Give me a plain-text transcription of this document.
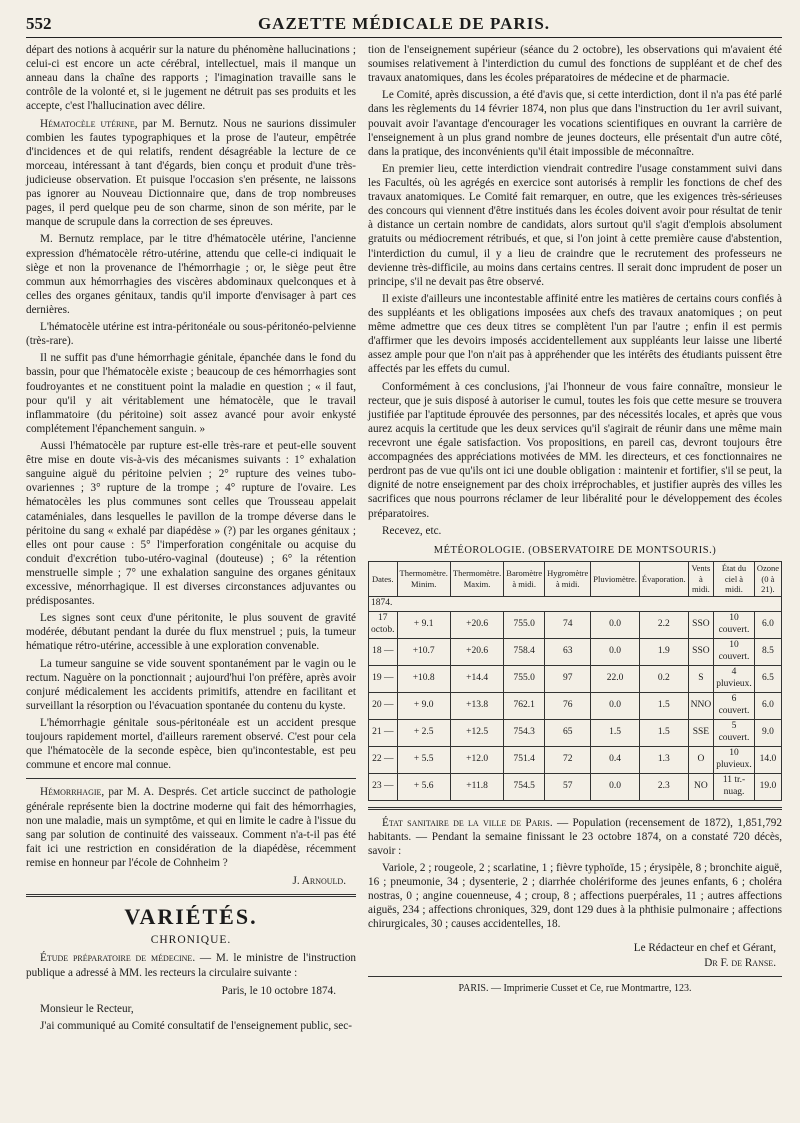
552	GAZETTE MÉDICALE DE PARIS.

départ des notions à acquérir sur la nature du phénomène hallucinations ; celui-ci est encore un acte cérébral, intellectuel, mais il manque un anneau dans la chaîne des rapports ; l'imagination travaille sans le contrôle de la volonté et, si le jugement ne détruit pas ses produits et les accepte, c'est l'hallucination avec délire.

Hématocèle utérine, par M. Bernutz. Nous ne saurions dissimuler combien les fautes typographiques et la prose de l'auteur, empêtrée d'incidences et de qui relatifs, rendent désagréable la lecture de ce morceau, intéressant à tant d'égards, bien conçu et produit d'une très-judicieuse observation. Et puisque l'occasion s'en présente, ne laissons pas ignorer au Nouveau Dictionnaire que, dans de trop nombreuses pages, il perd quelque peu de son charme, sinon de son mérite, par le manque de scrupule dans la correction de ses épreuves.

M. Bernutz remplace, par le titre d'hématocèle utérine, l'ancienne expression d'hématocèle rétro-utérine, attendu que celle-ci indiquait le siège et non la provenance de l'hémorrhagie ; or, le siège peut être commun aux hémorrhagies des viscères abdominaux quelconques et à celles des organes génitaux, tandis qu'il importe d'envisager à part ces dernières.

L'hématocèle utérine est intra-péritonéale ou sous-péritonéo-pelvienne (très-rare).

Il ne suffit pas d'une hémorrhagie génitale, épanchée dans le fond du bassin, pour que l'hématocèle existe ; beaucoup de ces hémorrhagies sont foudroyantes et ne constituent point la maladie en question ; « il faut, pour qu'il y ait véritablement une hématocèle, que le travail inflammatoire (du péritoine) soit assez avancé pour avoir enkysté complétement l'épanchement sanguin. »

Aussi l'hématocèle par rupture est-elle très-rare et peut-elle souvent être mise en doute vis-à-vis des mécanismes suivants : 1° exhalation sanguine aiguë du péritoine pelvien ; 2° rupture des veines tubo-ovariennes ; 3° rupture de la trompe ; 4° rupture de l'ovaire. Les hématocèles les plus communes sont celles que Trousseau appelait cataméniales, dans lesquelles le pavillon de la trompe déverse dans le péritoine du sang « exhalé par diapédèse » (?) par les organes génitaux ; elles ont pour cause : 5° l'imperforation congénitale ou acquise du conduit d'excrétion tubo-utéro-vaginal (douteuse) ; 6° la rétention menstruelle simple ; 7° une exhalation sanguine des organes génitaux excessive, ménorrhagique. Il est diverses circonstances adjuvantes ou prédisposantes.

Les signes sont ceux d'une péritonite, le plus souvent de gravité modérée, débutant pendant la durée du flux menstruel ; puis, la tumeur hématique rétro-utérine, accessible à une exploration convenable.

La tumeur sanguine se vide souvent spontanément par le vagin ou le rectum. Naguère on la ponctionnait ; aujourd'hui l'on préfère, après avoir conjuré médicalement les accidents primitifs, attendre en facilitant et surveillant la résorption ou l'évacuation spontanée du contenu du kyste.

L'hémorrhagie génitale sous-péritonéale est un accident presque toujours rapidement mortel, d'ailleurs rarement observé. C'est pour cela que l'hématocèle de la seconde espèce, bien qu'incontestable, est peu commune et encore mal connue.

Hémorrhagie, par M. A. Després. Cet article succinct de pathologie générale représente bien la doctrine moderne qui fait des hémorrhagies, non une maladie, mais un symptôme, et qui en limite le cadre à l'issue du sang par solution de continuité des vaisseaux. Comment n'a-t-il pas été fait ici une restriction en considération de la diapédèse, récemment remise en honneur par l'école de Cohnheim ?

J. Arnould.
VARIÉTÉS.
CHRONIQUE.

Étude préparatoire de médecine. — M. le ministre de l'instruction publique a adressé à MM. les recteurs la circulaire suivante :

Paris, le 10 octobre 1874.

Monsieur le Recteur,

J'ai communiqué au Comité consultatif de l'enseignement public, sec-

tion de l'enseignement supérieur (séance du 2 octobre), les observations qui m'avaient été soumises relativement à l'interdiction du cumul des fonctions de suppléant et de chef des travaux anatomiques, dans les écoles préparatoires de médecine et de pharmacie.

Le Comité, après discussion, a été d'avis que, si cette interdiction, dont il n'a pas été parlé dans les règlements du 14 février 1874, non plus que dans l'instruction du 1er avril suivant, pouvait avoir l'avantage d'encourager les vocations scientifiques en ouvrant la carrière de l'enseignement à un plus grand nombre de jeunes docteurs, elle présentait d'un autre côté, dans la pratique, des inconvénients qu'il était impossible de méconnaître.

En premier lieu, cette interdiction viendrait contredire l'usage constamment suivi dans les Facultés, où les agrégés en exercice sont autorisés à remplir les fonctions de chef des travaux anatomiques. Le Comité fait remarquer, en outre, que les exigences très-sérieuses des concours qui viennent d'être institués dans les écoles doivent avoir pour résultat de tenir à distance un certain nombre de candidats, alors surtout qu'il s'agit d'emplois absolument gratuits ou médiocrement rétribués, et que, si l'on joint à cette première cause d'abstention, l'interdiction du cumul, il y a lieu de craindre que le recrutement des professeurs ne devienne très-difficile, au moins dans certains centres. Il serait donc imprudent de poser un principe, s'il ne devait pas être observé.

Il existe d'ailleurs une incontestable affinité entre les matières de certains cours confiés à des suppléants et les obligations imposées aux chefs des travaux anatomiques ; on peut même admettre que ces deux titres se complètent l'un par l'autre ; enfin il est permis d'affirmer que les devoirs imposés accidentellement aux suppléants leur laisse une liberté assez ample pour que l'on n'ait pas à appréhender que les intérêts des étudiants puissent être affectés par les effets du cumul.

Conformément à ces conclusions, j'ai l'honneur de vous faire connaître, monsieur le recteur, que je suis disposé à autoriser le cumul, toutes les fois que cette mesure se trouvera justifiée par l'aptitude éprouvée des personnes, par des nécessités locales, et après que vous aurez acquis la certitude que les deux services qu'il s'agirait de réunir dans une même main recevront une égale satisfaction. Vos propositions, en pareil cas, devront toujours être accompagnées des appréciations motivées de MM. les directeurs, et ces fonctionnaires ne perdront pas de vue qu'ils ont ici une double obligation : maintenir et fortifier, s'il se peut, la dignité de notre enseignement par des choix irréprochables, et justifier auprès des villes les sacrifices que nous pourrons réclamer de leur libéralité pour le développement des écoles préparatoires.

Recevez, etc.

MÉTÉOROLOGIE. (OBSERVATOIRE DE MONTSOURIS.)
Dates.	Thermomètre. Minim.	Thermomètre. Maxim.	Baromètre à midi.	Hygromètre à midi.	Pluviomètre.	Évaporation.	Vents à midi.	État du ciel à midi.	Ozone (0 à 21).
1874.									
17 octob.	+ 9.1	+20.6	755.0	74	0.0	2.2	SSO	10 couvert.	6.0
18 —	+10.7	+20.6	758.4	63	0.0	1.9	SSO	10 couvert.	8.5
19 —	+10.8	+14.4	755.0	97	22.0	0.2	S	4 pluvieux.	6.5
20 —	+ 9.0	+13.8	762.1	76	0.0	1.5	NNO	6 couvert.	6.0
21 —	+ 2.5	+12.5	754.3	65	1.5	1.5	SSE	5 couvert.	9.0
22 —	+ 5.5	+12.0	751.4	72	0.4	1.3	O	10 pluvieux.	14.0
23 —	+ 5.6	+11.8	754.5	57	0.0	2.3	NO	11 tr.-nuag.	19.0

État sanitaire de la ville de Paris. — Population (recensement de 1872), 1,851,792 habitants. — Pendant la semaine finissant le 23 octobre 1874, on a constaté 720 décès, savoir :

Variole, 2 ; rougeole, 2 ; scarlatine, 1 ; fièvre typhoïde, 15 ; érysipèle, 8 ; bronchite aiguë, 16 ; pneumonie, 34 ; dysenterie, 2 ; diarrhée cholériforme des jeunes enfants, 6 ; choléra nostras, 0 ; angine couenneuse, 4 ; croup, 8 ; affections puerpérales, 11 ; autres affections aiguës, 234 ; affections chroniques, 329, dont 129 dues à la phthisie pulmonaire ; affections chirurgicales, 30 ; causes accidentelles, 18.

Le Rédacteur en chef et Gérant,
Dr F. de Ranse.
PARIS. — Imprimerie Cusset et Ce, rue Montmartre, 123.
